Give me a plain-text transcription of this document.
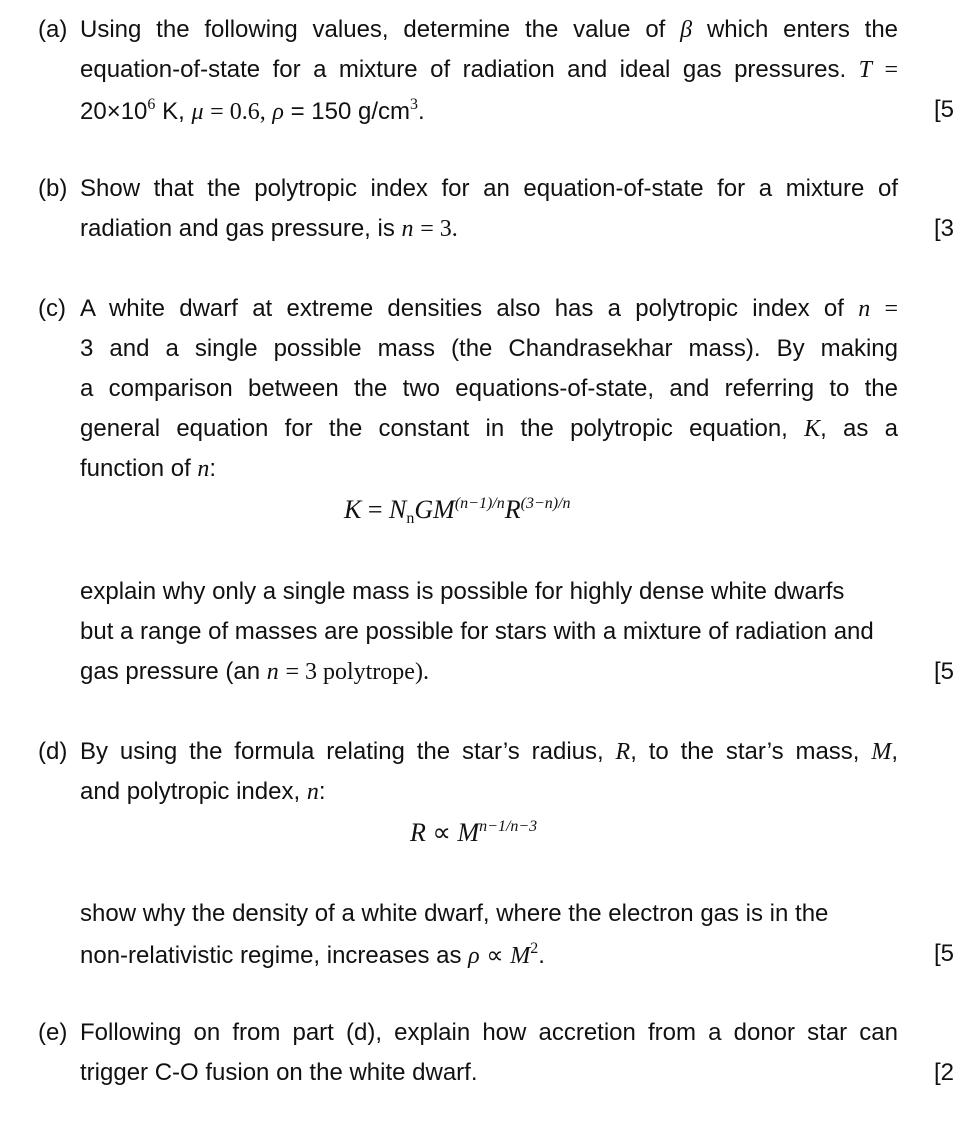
(a) Using the following values, determine the value of β which enters the
equation-of-state for a mixture of radiation and ideal gas pressures. T =
$20\times 10^6$ K, μ = 0.6, ρ = 150 $g/cm^3$.	[5
(b) Show that the polytropic index for an equation-of-state for a mixture of
radiation and gas pressure, is n = 3.	[3
(c) A white dwarf at extreme densities also has a polytropic index of n =
3 and a single possible mass (the Chandrasekhar mass). By making
a comparison between the two equations-of-state, and referring to the
general equation for the constant in the polytropic equation, K, as a
function of n:
explain why only a single mass is possible for highly dense white dwarfs
but a range of masses are possible for stars with a mixture of radiation and
gas pressure (an n = 3 polytrope).
$K = N_nGM^{(n-1)/n}R^{(3-n)/n}$
[5
(d) By using the formula relating the star’s radius, R, to the star’s mass, M,
and polytropic index, n:
show why the density of a white dwarf, where the electron gas is in the
non-relativistic regime, increases as $\rho \propto M^2$.
$R \propto M^{n-1/n-3}$
[5
(e) Following on from part (d), explain how accretion from a donor star can
trigger C-O fusion on the white dwarf.	[2
